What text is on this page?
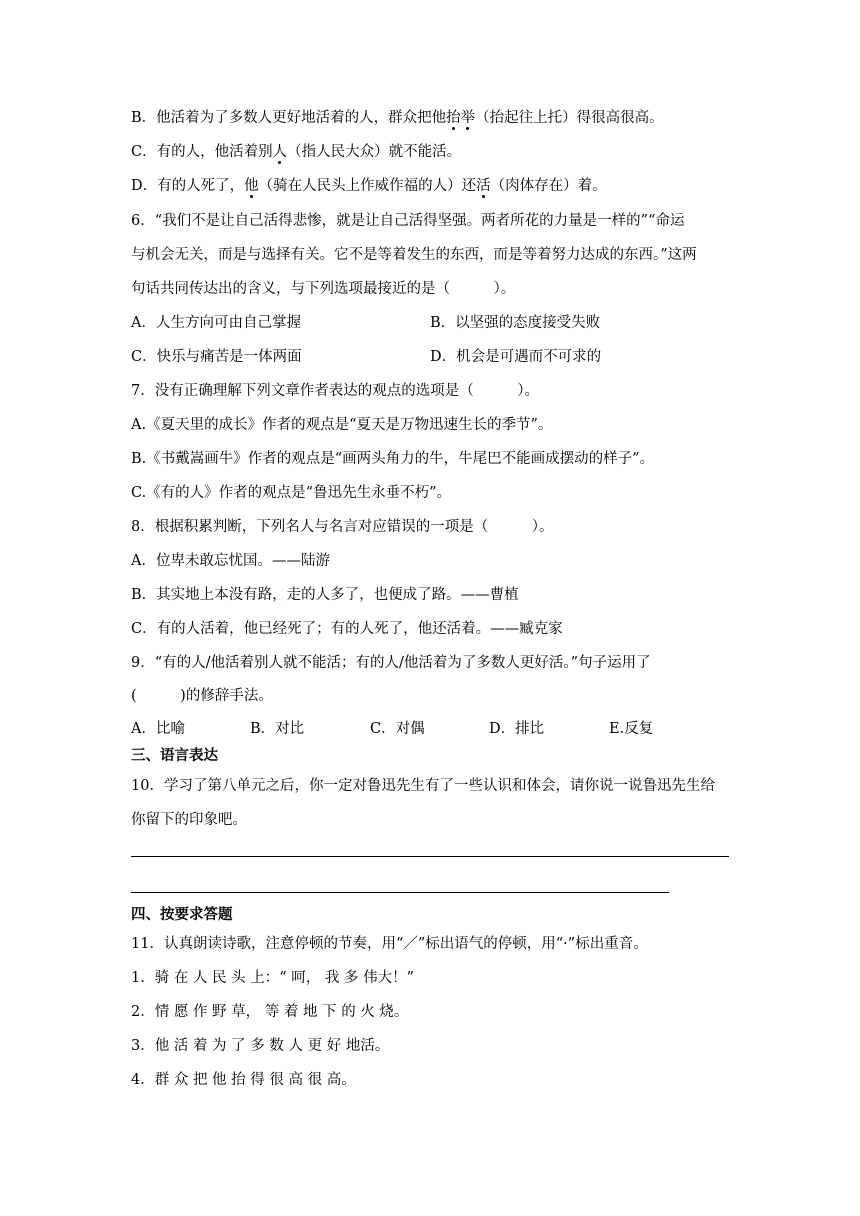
B．他活着为了多数人更好地活着的人，群众把他抬举（抬起往上托）得很高很高。
C．有的人，他活着别人（指人民大众）就不能活。
D．有的人死了，他（骑在人民头上作威作福的人）还活（肉体存在）着。
6．“我们不是让自己活得悲惨，就是让自己活得坚强。两者所花的力量是一样的”“命运
与机会无关，而是与选择有关。它不是等着发生的东西，而是等着努力达成的东西。”这两
句话共同传达出的含义，与下列选项最接近的是（　　　）。
A．人生方向可由自己掌握	B．以坚强的态度接受失败
C．快乐与痛苦是一体两面	D．机会是可遇而不可求的
7．没有正确理解下列文章作者表达的观点的选项是（　　　）。
A.《夏天里的成长》作者的观点是“夏天是万物迅速生长的季节”。
B.《书戴嵩画牛》作者的观点是“画两头角力的牛，牛尾巴不能画成摆动的样子”。
C.《有的人》作者的观点是“鲁迅先生永垂不朽”。
8．根据积累判断，下列名人与名言对应错误的一项是（　　　）。
A．位卑未敢忘忧国。——陆游
B．其实地上本没有路，走的人多了，也便成了路。——曹植
C．有的人活着，他已经死了；有的人死了，他还活着。——臧克家
9．“有的人/他活着别人就不能活；有的人/他活着为了多数人更好活。”句子运用了
(　　　)的修辞手法。
A．比喻	B．对比	C．对偶	D．排比	E.反复
三、语言表达
10．学习了第八单元之后，你一定对鲁迅先生有了一些认识和体会，请你说一说鲁迅先生给
你留下的印象吧。
四、按要求答题
11．认真朗读诗歌，注意停顿的节奏，用“／”标出语气的停顿，用“·”标出重音。
1．骑 在 人 民 头 上：“ 呵， 我 多 伟大！”
2．情 愿 作 野 草， 等 着 地 下 的 火 烧。
3．他 活 着 为 了 多 数 人 更 好 地活。
4．群 众 把 他 抬 得 很 高 很 高。
